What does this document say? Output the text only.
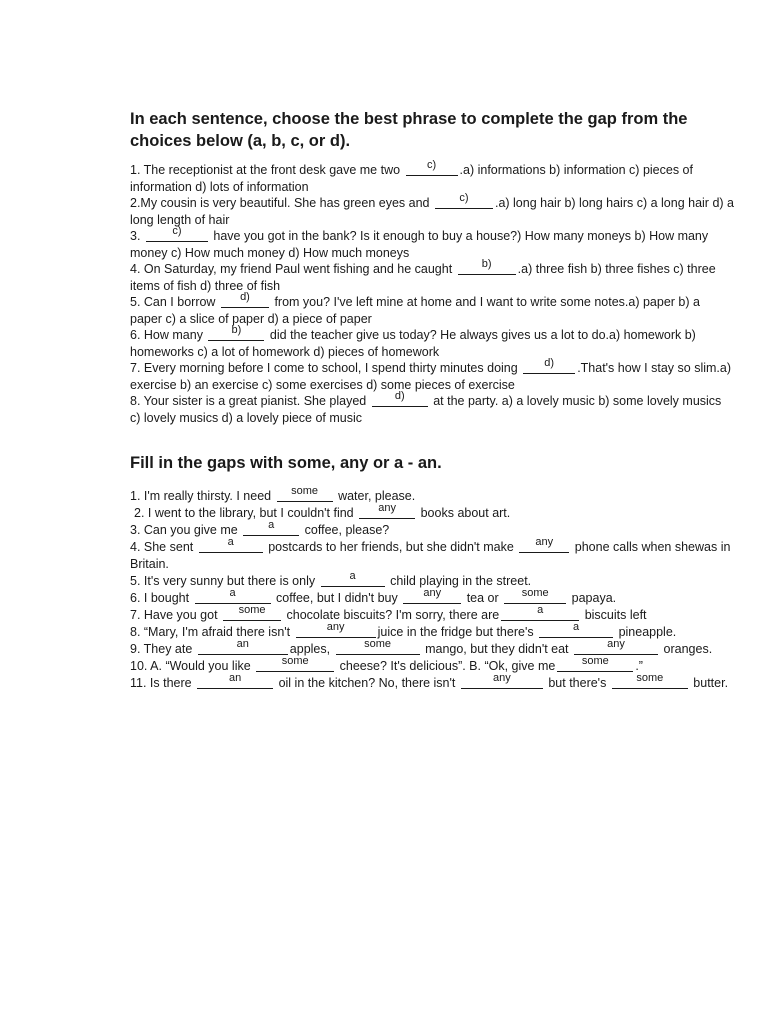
In each sentence, choose the best phrase to complete the gap from the choices below (a, b, c, or d).
1. The receptionist at the front desk gave me two c) .a) informations b) information c) pieces of information d) lots of information
2.My cousin is very beautiful. She has green eyes and	c) .a) long hair b) long hairs c) a long hair d) a long length of hair
3.	c)	have you got in the bank? Is it enough to buy a house?) How many moneys b) How many money c) How much money d) How much moneys
4. On Saturday, my friend Paul went fishing and he caught	b) .a) three fish b) three fishes c) three items of fish d) three of fish
5. Can I borrow d) from you? I've left mine at home and I want to write some notes.a) paper b) a paper c) a slice of paper d) a piece of paper
6. How many	b) did the teacher give us today? He always gives us a lot to do.a) homework b) homeworks c) a lot of homework d) pieces of homework
7. Every morning before I come to school, I spend thirty minutes doing d) .That's how I stay so slim.a) exercise b) an exercise c) some exercises d) some pieces of exercise
8. Your sister is a great pianist. She played	d) at the party. a) a lovely music b) some lovely musics c) lovely musics d) a lovely piece of music
Fill in the gaps with some, any or a - an.
1. I'm really thirsty. I need some water, please.
2. I went to the library, but I couldn't find any books about art.
3. Can you give me	a coffee, please?
4. She sent	a	postcards to her friends, but she didn't make any phone calls when shewas in Britain.
5. It's very sunny but there is only	a	child playing in the street.
6. I bought	a	coffee, but I didn't buy any tea or some papaya.
7. Have you got some chocolate biscuits? I'm sorry, there are	a	biscuits left
8. “Mary, I'm afraid there isn't	any	juice in the fridge but there's	a	pineapple.
9. They ate	an	apples,	some	mango, but they didn't eat	any	oranges.
10. A. “Would you like	some cheese? It's delicious”. B. “Ok, give me some .”
11. Is there	an	oil in the kitchen? No, there isn't	any	but there's	some butter.
